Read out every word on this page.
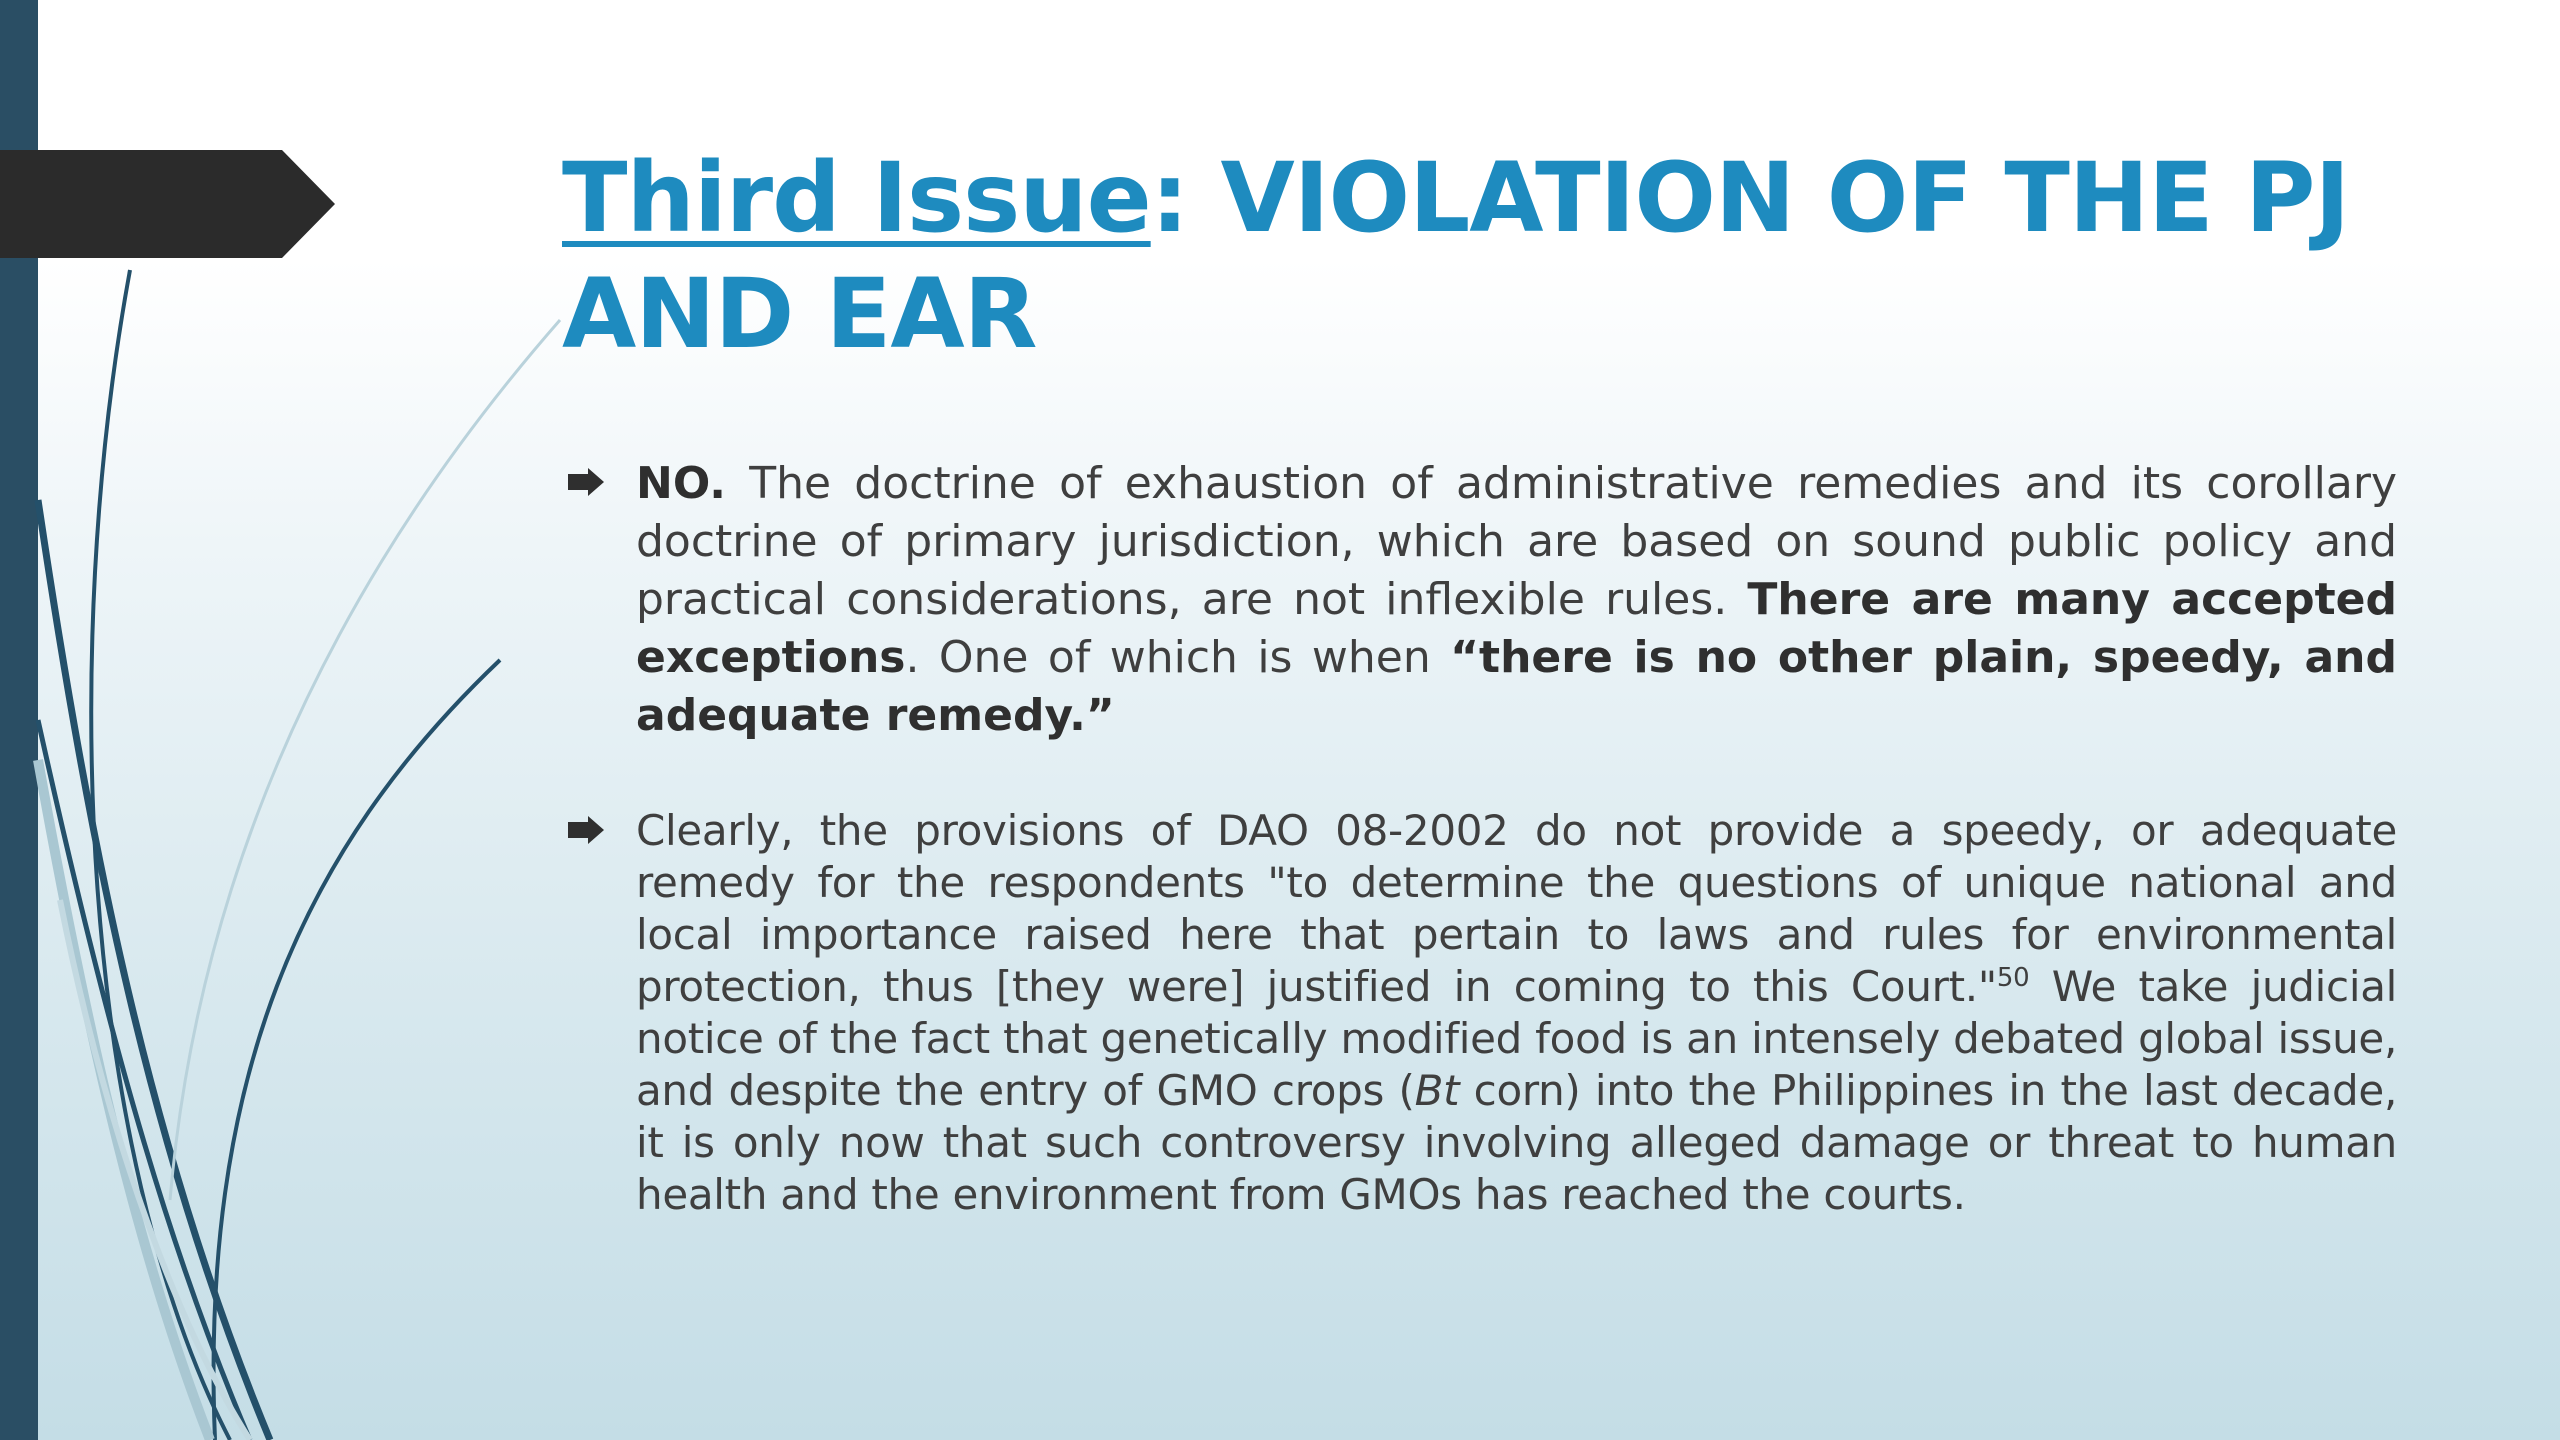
Third Issue: VIOLATION OF THE PJ AND EAR
NO. The doctrine of exhaustion of administrative remedies and its corollary doctrine of primary jurisdiction, which are based on sound public policy and practical considerations, are not inflexible rules. There are many accepted exceptions. One of which is when “there is no other plain, speedy, and adequate remedy.”
Clearly, the provisions of DAO 08-2002 do not provide a speedy, or adequate remedy for the respondents "to determine the questions of unique national and local importance raised here that pertain to laws and rules for environmental protection, thus [they were] justified in coming to this Court."$^{50}$ We take judicial notice of the fact that genetically modified food is an intensely debated global issue, and despite the entry of GMO crops (Bt corn) into the Philippines in the last decade, it is only now that such controversy involving alleged damage or threat to human health and the environment from GMOs has reached the courts.
